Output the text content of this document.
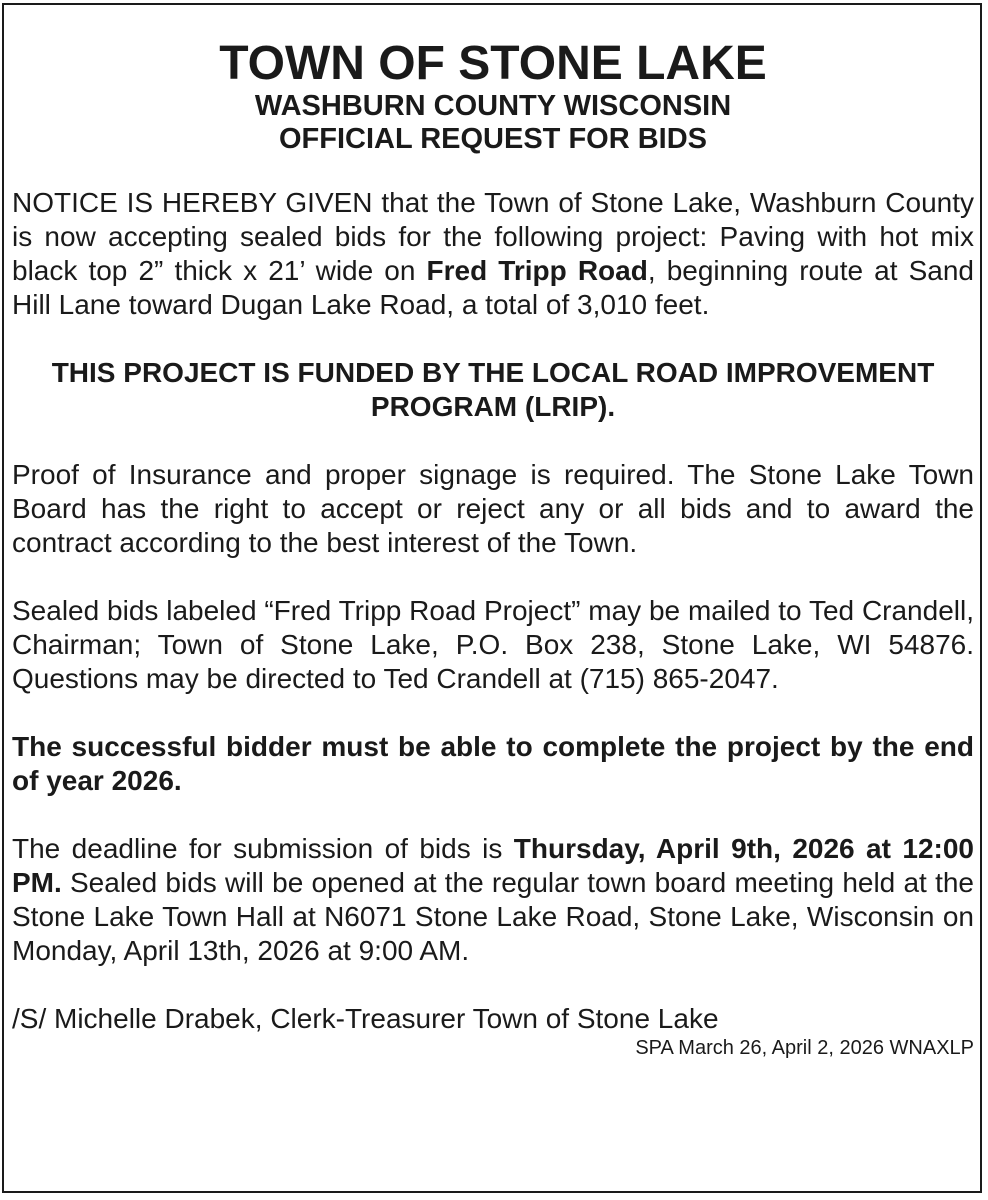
TOWN OF STONE LAKE

WASHBURN COUNTY WISCONSIN

OFFICIAL REQUEST FOR BIDS

NOTICE IS HEREBY GIVEN that the Town of Stone Lake, Washburn County is now accepting sealed bids for the following project: Paving with hot mix black top 2” thick x 21’ wide on Fred Tripp Road, beginning route at Sand Hill Lane toward Dugan Lake Road, a total of 3,010 feet.

THIS PROJECT IS FUNDED BY THE LOCAL ROAD IMPROVEMENT PROGRAM (LRIP).

Proof of Insurance and proper signage is required. The Stone Lake Town Board has the right to accept or reject any or all bids and to award the contract according to the best interest of the Town.

Sealed bids labeled “Fred Tripp Road Project” may be mailed to Ted Crandell, Chairman; Town of Stone Lake, P.O. Box 238, Stone Lake, WI 54876. Questions may be directed to Ted Crandell at (715) 865-2047.

The successful bidder must be able to complete the project by the end of year 2026.

The deadline for submission of bids is Thursday, April 9th, 2026 at 12:00 PM. Sealed bids will be opened at the regular town board meeting held at the Stone Lake Town Hall at N6071 Stone Lake Road, Stone Lake, Wisconsin on Monday, April 13th, 2026 at 9:00 AM.

/S/ Michelle Drabek, Clerk-Treasurer Town of Stone Lake

SPA March 26, April 2, 2026 WNAXLP
